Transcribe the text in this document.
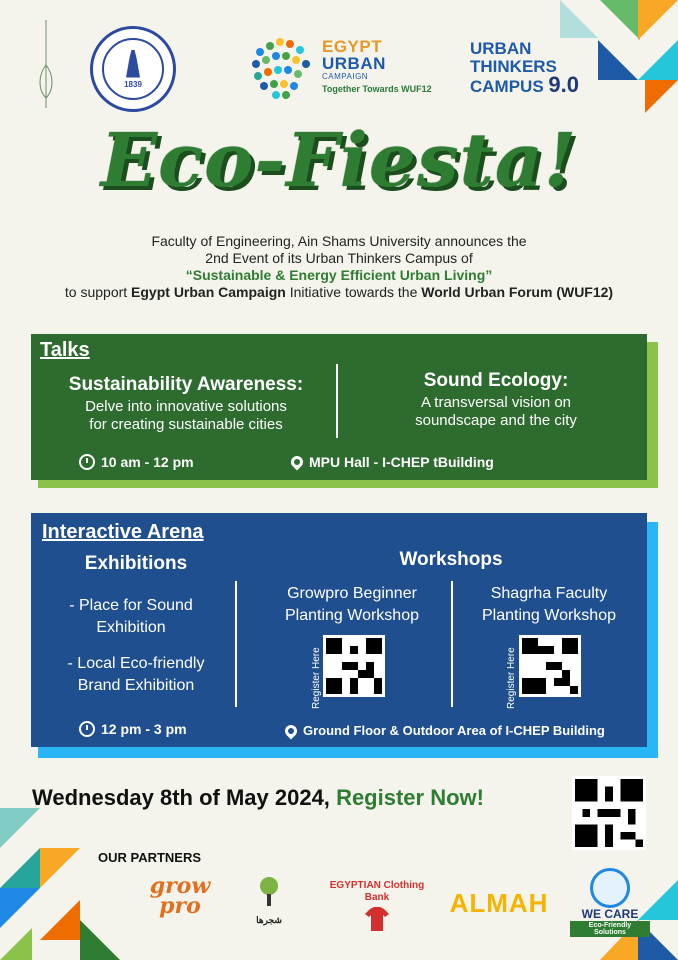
1839
EGYPT
URBAN
CAMPAIGN
Together Towards WUF12
URBAN
THINKERS
CAMPUS 9.0
Eco-Fiesta!
Faculty of Engineering, Ain Shams University announces the
2nd Event of its Urban Thinkers Campus of
“Sustainable & Energy Efficient Urban Living”
to support Egypt Urban Campaign Initiative towards the World Urban Forum (WUF12)
Talks
Sustainability Awareness:
Delve into innovative solutions
for creating sustainable cities
Sound Ecology:
A transversal vision on
soundscape and the city
10 am - 12 pm	MPU Hall - I-CHEP tBuilding
Interactive Arena
Exhibitions
- Place for Sound
Exhibition
- Local Eco-friendly
Brand Exhibition
Workshops
Growpro Beginner
Planting Workshop
Shagrha Faculty
Planting Workshop
Register Here	Register Here
12 pm - 3 pm	Ground Floor & Outdoor Area of I-CHEP Building
Wednesday 8th of May 2024, Register Now!
OUR PARTNERS
grow pro
شجرها
EGYPTIAN Clothing Bank	ALMAH	WE CARE
Eco-Friendly Solutions
